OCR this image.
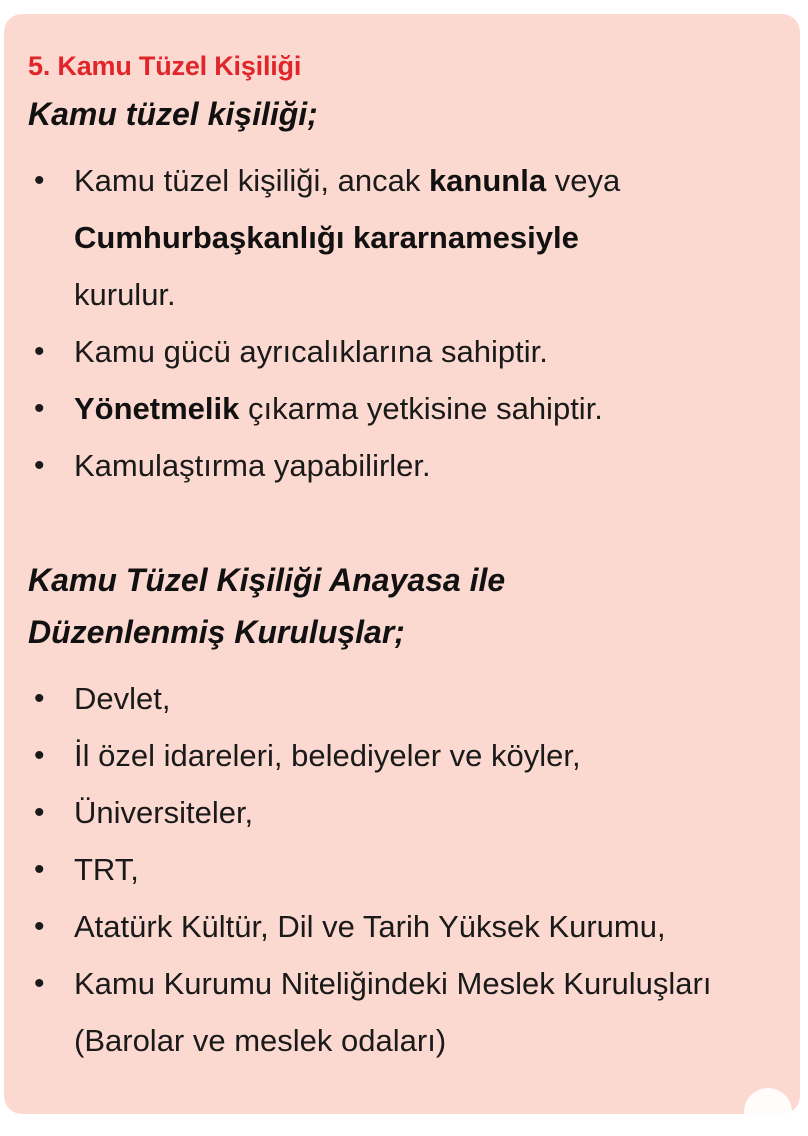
5. Kamu Tüzel Kişiliği
Kamu tüzel kişiliği;
• Kamu tüzel kişiliği, ancak kanunla veya
Cumhurbaşkanlığı kararnamesiyle
kurulur.
• Kamu gücü ayrıcalıklarına sahiptir.
• Yönetmelik çıkarma yetkisine sahiptir.
• Kamulaştırma yapabilirler.
Kamu Tüzel Kişiliği Anayasa ile
Düzenlenmiş Kuruluşlar;
• Devlet,
• İl özel idareleri, belediyeler ve köyler,
• Üniversiteler,
• TRT,
• Atatürk Kültür, Dil ve Tarih Yüksek Kurumu,
• Kamu Kurumu Niteliğindeki Meslek Kuruluşları (Barolar ve meslek odaları)
